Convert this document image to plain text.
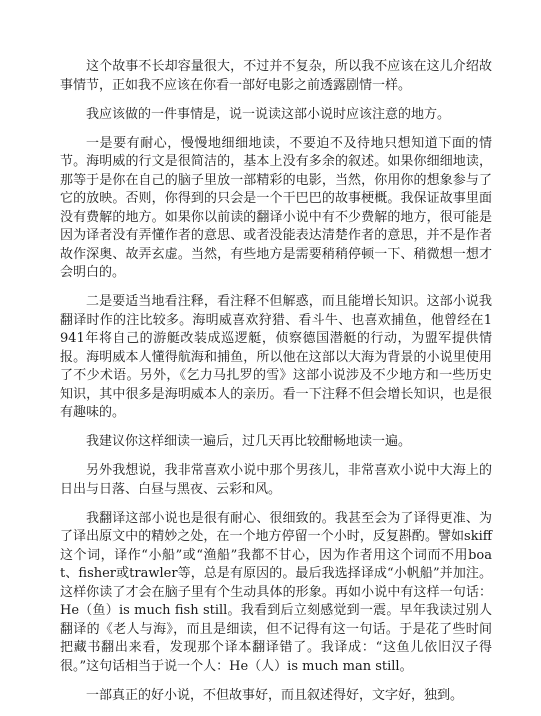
这个故事不长却容量很大，不过并不复杂，所以我不应该在这儿介绍故事情节，正如我不应该在你看一部好电影之前透露剧情一样。

我应该做的一件事情是，说一说读这部小说时应该注意的地方。

一是要有耐心，慢慢地细细地读，不要迫不及待地只想知道下面的情节。海明威的行文是很简洁的，基本上没有多余的叙述。如果你细细地读，那等于是你在自己的脑子里放一部精彩的电影，当然，你用你的想象参与了它的放映。否则，你得到的只会是一个干巴巴的故事梗概。我保证故事里面没有费解的地方。如果你以前读的翻译小说中有不少费解的地方，很可能是因为译者没有弄懂作者的意思、或者没能表达清楚作者的意思，并不是作者故作深奥、故弄玄虚。当然，有些地方是需要稍稍停顿一下、稍微想一想才会明白的。

二是要适当地看注释，看注释不但解惑，而且能增长知识。这部小说我翻译时作的注比较多。海明威喜欢狩猎、看斗牛、也喜欢捕鱼，他曾经在1941年将自己的游艇改装成巡逻艇，侦察德国潜艇的行动，为盟军提供情报。海明威本人懂得航海和捕鱼，所以他在这部以大海为背景的小说里使用了不少术语。另外，《乞力马扎罗的雪》这部小说涉及不少地方和一些历史知识，其中很多是海明威本人的亲历。看一下注释不但会增长知识，也是很有趣味的。

我建议你这样细读一遍后，过几天再比较酣畅地读一遍。

另外我想说，我非常喜欢小说中那个男孩儿，非常喜欢小说中大海上的日出与日落、白昼与黑夜、云彩和风。

我翻译这部小说也是很有耐心、很细致的。我甚至会为了译得更准、为了译出原文中的精妙之处，在一个地方停留一个小时，反复斟酌。譬如skiff这个词，译作“小船”或“渔船”我都不甘心，因为作者用这个词而不用boat、fisher或trawler等，总是有原因的。最后我选择译成“小帆船”并加注。这样你读了才会在脑子里有个生动具体的形象。再如小说中有这样一句话：He（鱼）is much fish still。我看到后立刻感觉到一震。早年我读过别人翻译的《老人与海》，而且是细读，但不记得有这一句话。于是花了些时间把藏书翻出来看，发现那个译本翻译错了。我译成：“这鱼儿依旧汉子得很。”这句话相当于说一个人：He（人）is much man still。

一部真正的好小说，不但故事好，而且叙述得好，文字好，独到。
